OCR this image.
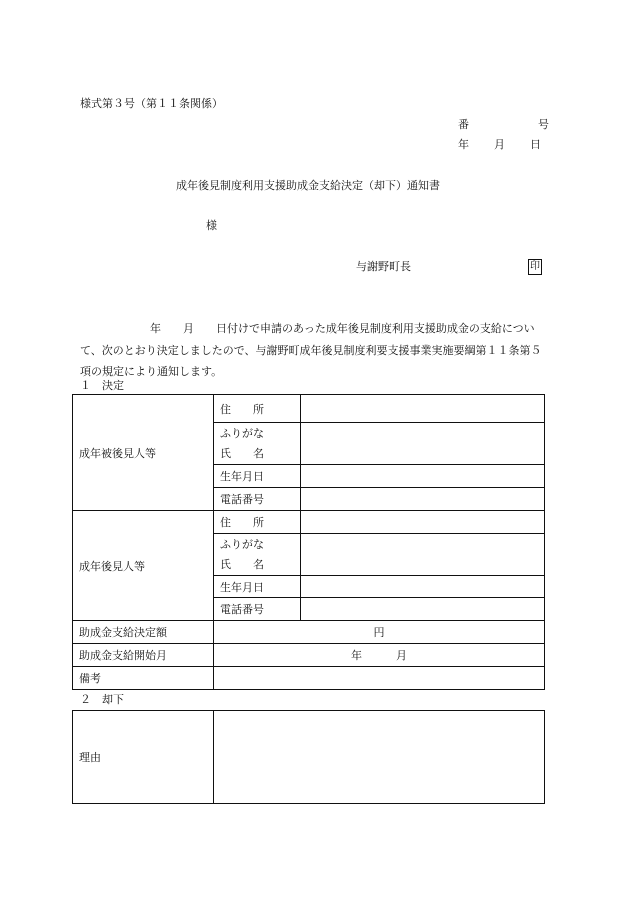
様式第３号（第１１条関係）
番	号
年 月 日
成年後見制度利用支援助成金支給決定（却下）通知書
様
与謝野町長	印
年 月 日付けで申請のあった成年後見制度利用支援助成金の支給について、次のとおり決定しましたので、与謝野町成年後見制度利要支援事業実施要綱第１１条第５項の規定により通知します。
１　決定
成年被後見人等	住　　所	

	ふりがな
氏　　名	

	生年月日	
	電話番号	
成年後見人等	住　　所	

	ふりがな
氏　　名	

	生年月日	
	電話番号	
助成金支給決定額	円	
助成金支給開始月	年 月	
備考		
２　却下
理由	
